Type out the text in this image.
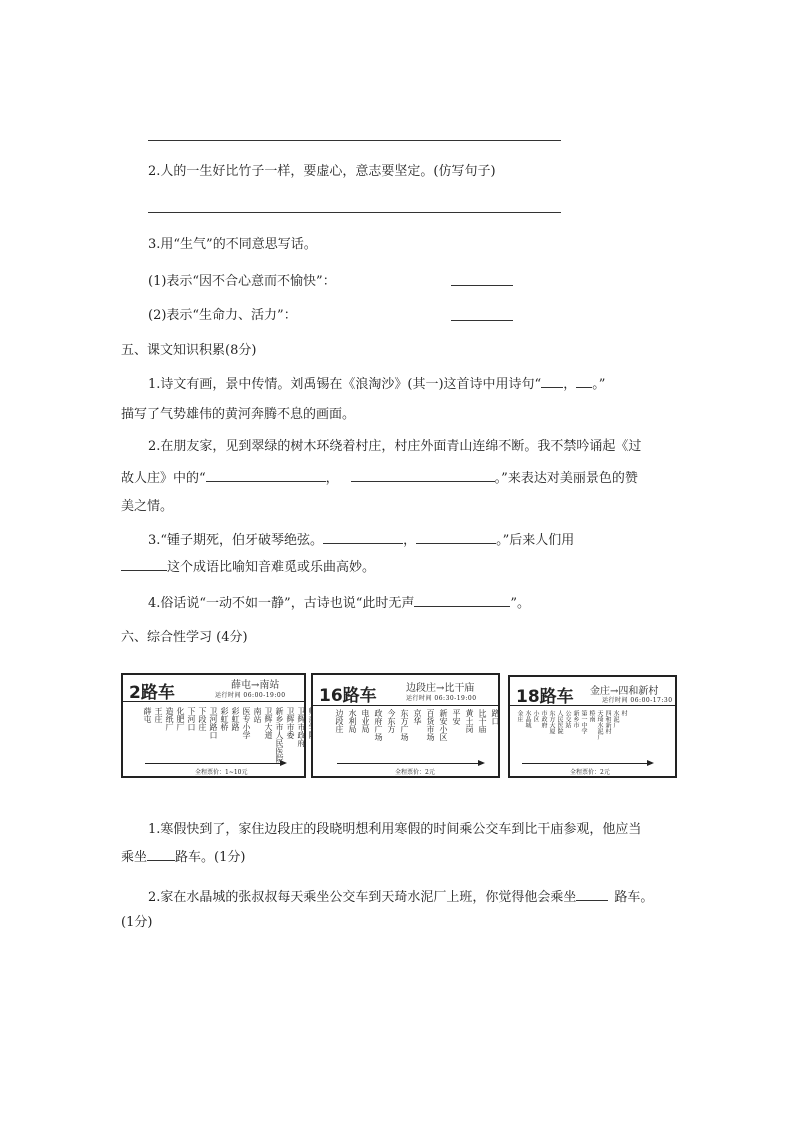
2.人的一生好比竹子一样，要虚心，意志要坚定。(仿写句子)
3.用“生气”的不同意思写话。
(1)表示“因不合心意而不愉快”：
(2)表示“生命力、活力”：
五、课文知识积累(8分)
1.诗文有画，景中传情。刘禹锡在《浪淘沙》(其一)这首诗中用诗句“ ， 。”
描写了气势雄伟的黄河奔腾不息的画面。
2.在朋友家，见到翠绿的树木环绕着村庄，村庄外面青山连绵不断。我不禁吟诵起《过
故人庄》中的“	，	。”来表达对美丽景色的赞
美之情。
3.“锺子期死，伯牙破琴绝弦。	，	。”后来人们用
这个成语比喻知音难觅或乐曲高妙。
4.俗话说“一动不如一静”，古诗也说“此时无声	”。
六、综合性学习 (4分)
2路车	薛屯→南站
运行时间 06:00-19:00
薛屯 王庄 造纸厂 化肥厂 下河口 下段庄 卫河路口 彩虹桥 彩虹路 医专小学 南站 卫辉大道 新乡市人民医院 卫辉市委 卫辉市政府
全程票价：1~10元
16路车	边段庄→比干庙
运行时间 06:30-19:00
边段庄 水利局 电业局 政府广场 今东方 东方广场 京华 百货市场 新安小区 平安 黄土岗 比干庙 路口
全程票价：2元
18路车 金庄→四和新村
运行时间 06:00-17:30
金庄 水晶城 小区 市政府 东方大厦 人民医院 公交站 新乡市 第一中学 桥南 天琦水泥厂 四和新村 水泥厂 村
全程票价：2元
1.寒假快到了，家住边段庄的段晓明想利用寒假的时间乘公交车到比干庙参观，他应当
乘坐 路车。(1分)
2.家在水晶城的张叔叔每天乘坐公交车到天琦水泥厂上班，你觉得他会乘坐	路车。
(1分)
